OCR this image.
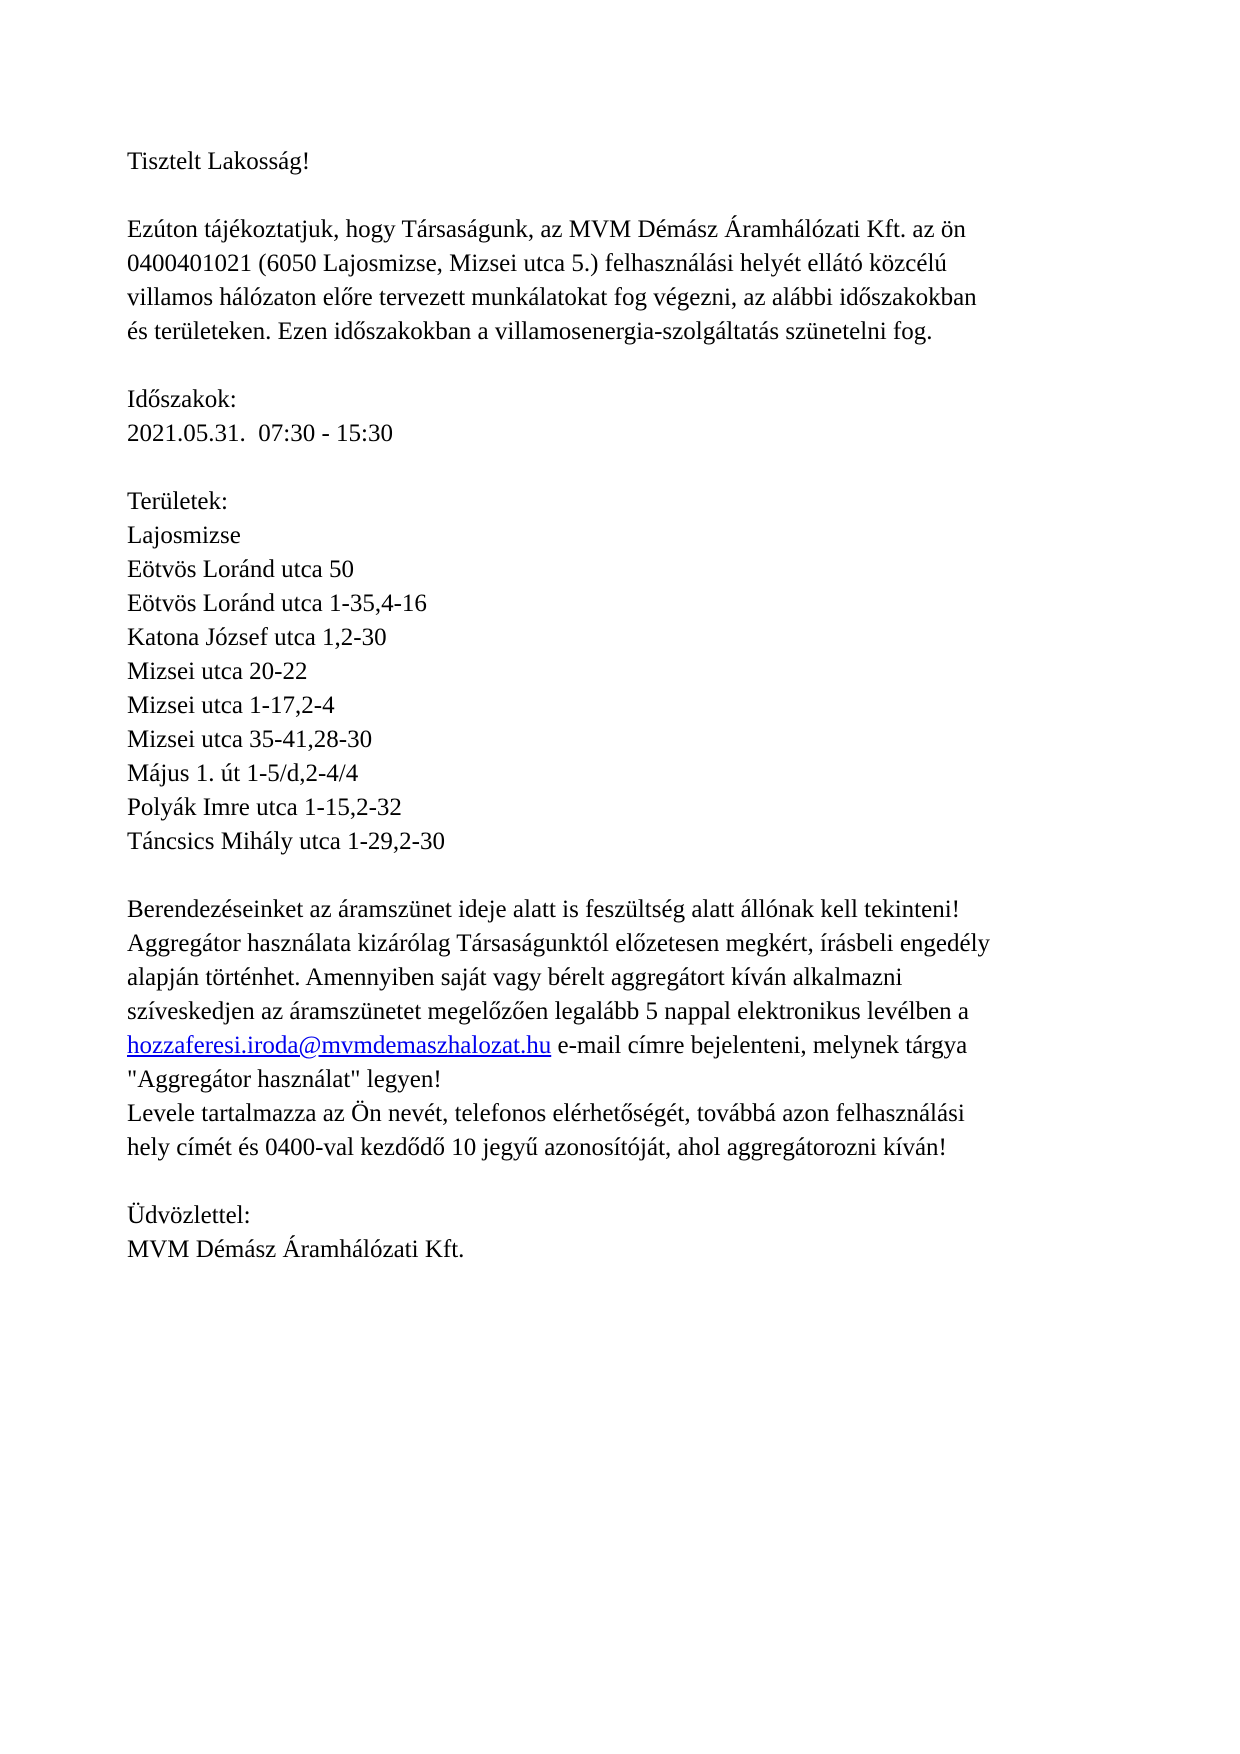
Tisztelt Lakosság!
Ezúton tájékoztatjuk, hogy Társaságunk, az MVM Démász Áramhálózati Kft. az ön
0400401021 (6050 Lajosmizse, Mizsei utca 5.) felhasználási helyét ellátó közcélú
villamos hálózaton előre tervezett munkálatokat fog végezni, az alábbi időszakokban
és területeken. Ezen időszakokban a villamosenergia-szolgáltatás szünetelni fog.
Időszakok:
2021.05.31.  07:30 - 15:30
Területek:
Lajosmizse
Eötvös Loránd utca 50
Eötvös Loránd utca 1-35,4-16
Katona József utca 1,2-30
Mizsei utca 20-22
Mizsei utca 1-17,2-4
Mizsei utca 35-41,28-30
Május 1. út 1-5/d,2-4/4
Polyák Imre utca 1-15,2-32
Táncsics Mihály utca 1-29,2-30
Berendezéseinket az áramszünet ideje alatt is feszültség alatt állónak kell tekinteni!
Aggregátor használata kizárólag Társaságunktól előzetesen megkért, írásbeli engedély
alapján történhet. Amennyiben saját vagy bérelt aggregátort kíván alkalmazni
szíveskedjen az áramszünetet megelőzően legalább 5 nappal elektronikus levélben a
hozzaferesi.iroda@mvmdemaszhalozat.hu e-mail címre bejelenteni, melynek tárgya
"Aggregátor használat" legyen!
Levele tartalmazza az Ön nevét, telefonos elérhetőségét, továbbá azon felhasználási
hely címét és 0400-val kezdődő 10 jegyű azonosítóját, ahol aggregátorozni kíván!
Üdvözlettel:
MVM Démász Áramhálózati Kft.
